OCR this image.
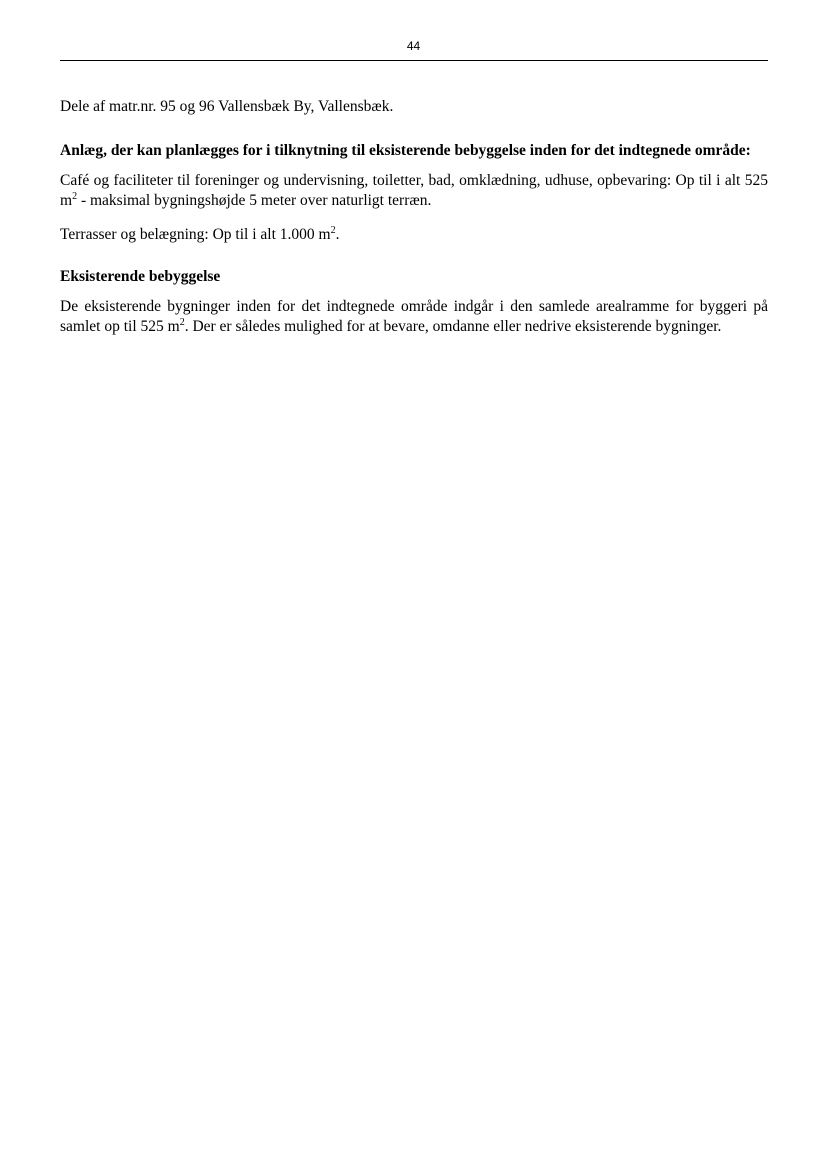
44

Dele af matr.nr. 95 og 96 Vallensbæk By, Vallensbæk.

Anlæg, der kan planlægges for i tilknytning til eksisterende bebyggelse inden for det indtegnede område:

Café og faciliteter til foreninger og undervisning, toiletter, bad, omklædning, udhuse, opbevaring: Op til i alt 525 $m^2$ - maksimal bygningshøjde 5 meter over naturligt terræn.

Terrasser og belægning: Op til i alt 1.000 $m^2$.

Eksisterende bebyggelse

De eksisterende bygninger inden for det indtegnede område indgår i den samlede arealramme for byggeri på samlet op til 525 $m^2$. Der er således mulighed for at bevare, omdanne eller nedrive eksisterende bygninger.
